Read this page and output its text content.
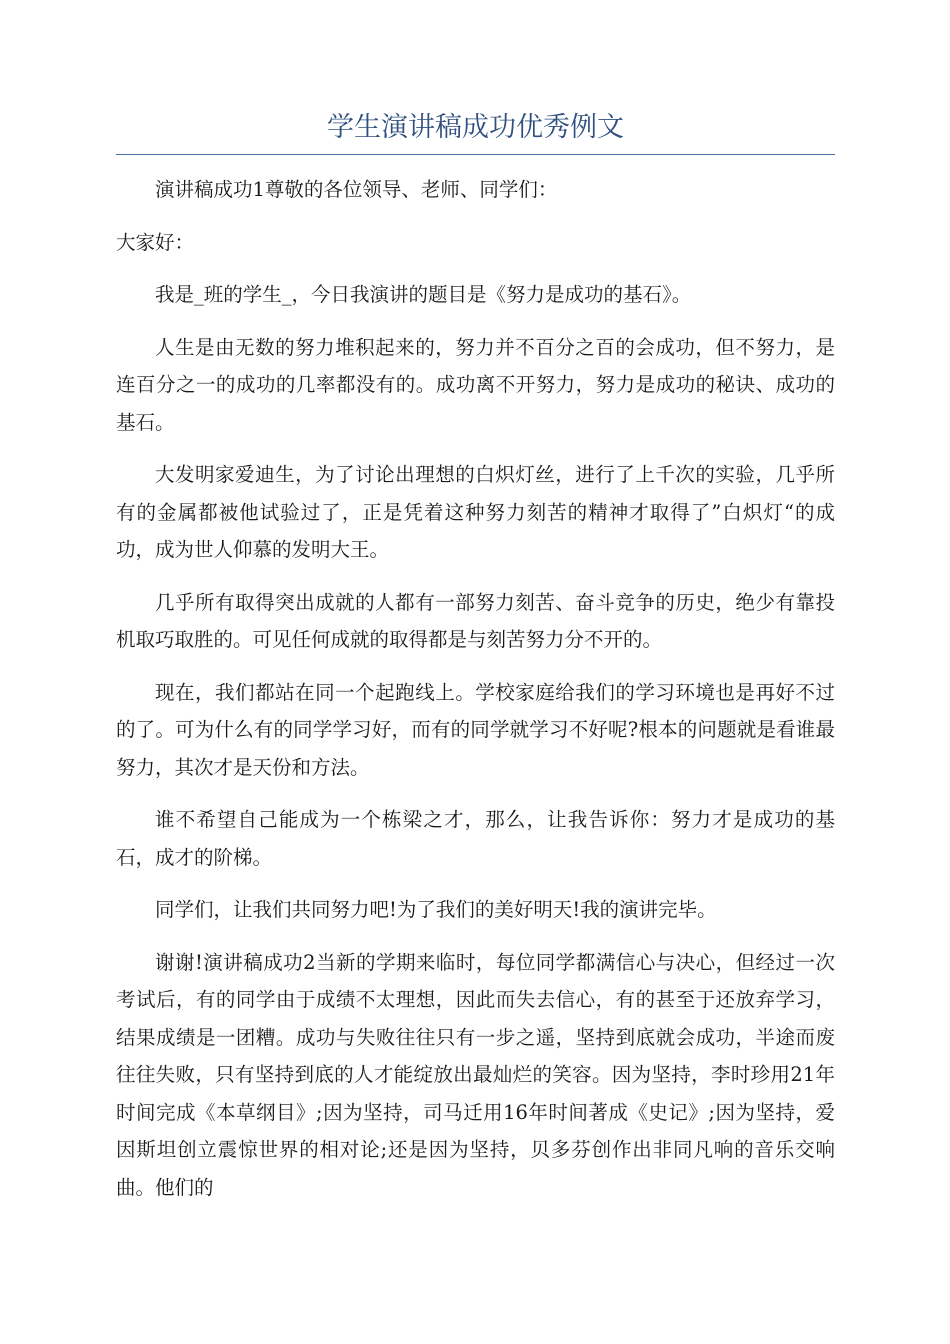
学生演讲稿成功优秀例文

演讲稿成功1尊敬的各位领导、老师、同学们：

大家好：

我是_班的学生_，今日我演讲的题目是《努力是成功的基石》。

人生是由无数的努力堆积起来的，努力并不百分之百的会成功，但不努力，是连百分之一的成功的几率都没有的。成功离不开努力，努力是成功的秘诀、成功的基石。

大发明家爱迪生，为了讨论出理想的白炽灯丝，进行了上千次的实验，几乎所有的金属都被他试验过了，正是凭着这种努力刻苦的精神才取得了”白炽灯“的成功，成为世人仰慕的发明大王。

几乎所有取得突出成就的人都有一部努力刻苦、奋斗竞争的历史，绝少有靠投机取巧取胜的。可见任何成就的取得都是与刻苦努力分不开的。

现在，我们都站在同一个起跑线上。学校家庭给我们的学习环境也是再好不过的了。可为什么有的同学学习好，而有的同学就学习不好呢?根本的问题就是看谁最努力，其次才是天份和方法。

谁不希望自己能成为一个栋梁之才，那么，让我告诉你：努力才是成功的基石，成才的阶梯。

同学们，让我们共同努力吧!为了我们的美好明天!我的演讲完毕。

谢谢!演讲稿成功2当新的学期来临时，每位同学都满信心与决心，但经过一次考试后，有的同学由于成绩不太理想，因此而失去信心，有的甚至于还放弃学习，结果成绩是一团糟。成功与失败往往只有一步之遥，坚持到底就会成功，半途而废往往失败，只有坚持到底的人才能绽放出最灿烂的笑容。因为坚持，李时珍用21年时间完成《本草纲目》;因为坚持，司马迁用16年时间著成《史记》;因为坚持，爱因斯坦创立震惊世界的相对论;还是因为坚持，贝多芬创作出非同凡响的音乐交响曲。他们的
